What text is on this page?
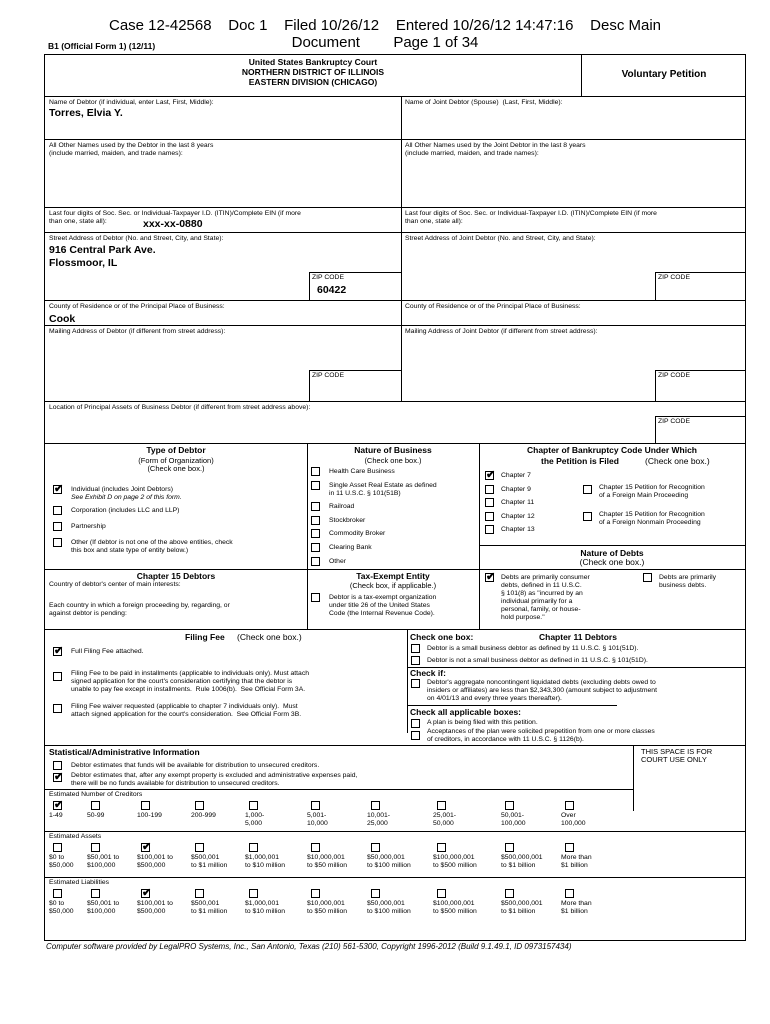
Case 12-42568    Doc 1    Filed 10/26/12    Entered 10/26/12 14:47:16    Desc Main
Document        Page 1 of 34
B1 (Official Form 1) (12/11)
United States Bankruptcy Court
NORTHERN DISTRICT OF ILLINOIS
EASTERN DIVISION (CHICAGO)
Voluntary Petition
Name of Debtor (if individual, enter Last, First, Middle):
Torres, Elvia Y.
Name of Joint Debtor (Spouse)  (Last, First, Middle):
All Other Names used by the Debtor in the last 8 years
(include married, maiden, and trade names):
All Other Names used by the Joint Debtor in the last 8 years
(include married, maiden, and trade names):
Last four digits of Soc. Sec. or Individual-Taxpayer I.D. (ITIN)/Complete EIN (if more
than one, state all):	xxx-xx-0880
Last four digits of Soc. Sec. or Individual-Taxpayer I.D. (ITIN)/Complete EIN (if more
than one, state all):
Street Address of Debtor (No. and Street, City, and State):
916 Central Park Ave.
Flossmoor, IL
Street Address of Joint Debtor (No. and Street, City, and State):
ZIP CODE
60422
ZIP CODE
County of Residence or of the Principal Place of Business:
Cook
County of Residence or of the Principal Place of Business:
Mailing Address of Debtor (if different from street address):	Mailing Address of Joint Debtor (if different from street address):
ZIP CODE	ZIP CODE
Location of Principal Assets of Business Debtor (if different from street address above):
ZIP CODE
Type of Debtor
(Form of Organization)
(Check one box.)
✔
Individual (includes Joint Debtors)
See Exhibit D on page 2 of this form.
Corporation (includes LLC and LLP)
Partnership
Other (If debtor is not one of the above entities, check
this box and state type of entity below.)
Nature of Business
(Check one box.)
Health Care Business
Single Asset Real Estate as defined
in 11 U.S.C. § 101(51B)
Railroad
Stockbroker
Commodity Broker
Clearing Bank
Other
Chapter of Bankruptcy Code Under Which
the Petition is Filed	(Check one box.)
✔
Chapter 7
Chapter 9
Chapter 11
Chapter 12
Chapter 13
Chapter 15 Petition for Recognition
of a Foreign Main Proceeding
Chapter 15 Petition for Recognition
of a Foreign Nonmain Proceeding
Nature of Debts
(Check one box.)
✔
Debts are primarily consumer
debts, defined in 11 U.S.C.
§ 101(8) as "incurred by an
individual primarily for a
personal, family, or house-
hold purpose."
Debts are primarily
business debts.
Chapter 15 Debtors
Country of debtor's center of main interests:
Each country in which a foreign proceeding by, regarding, or
against debtor is pending:
Tax-Exempt Entity
(Check box, if applicable.)
Debtor is a tax-exempt organization
under title 26 of the United States
Code (the Internal Revenue Code).
Filing Fee (Check one box.)
✔
Full Filing Fee attached.
Filing Fee to be paid in installments (applicable to individuals only). Must attach
signed application for the court's consideration certifying that the debtor is
unable to pay fee except in installments.  Rule 1006(b).  See Official Form 3A.
Filing Fee waiver requested (applicable to chapter 7 individuals only).  Must
attach signed application for the court's consideration.  See Official Form 3B.
Check one box:	Chapter 11 Debtors
Debtor is a small business debtor as defined by 11 U.S.C. § 101(51D).
Debtor is not a small business debtor as defined in 11 U.S.C. § 101(51D).
Check if:
Debtor's aggregate noncontingent liquidated debts (excluding debts owed to
insiders or affiliates) are less than $2,343,300 (amount subject to adjustment
on 4/01/13 and every three years thereafter).
Check all applicable boxes:
A plan is being filed with this petition.
Acceptances of the plan were solicited prepetition from one or more classes
of creditors, in accordance with 11 U.S.C. § 1126(b).
Statistical/Administrative Information	THIS SPACE IS FOR
COURT USE ONLY
Debtor estimates that funds will be available for distribution to unsecured creditors.
✔
Debtor estimates that, after any exempt property is excluded and administrative expenses paid,
there will be no funds available for distribution to unsecured creditors.
Estimated Number of Creditors
Estimated Assets
Estimated Liabilities
✔
1-49	50-99	100-199	200-999	1,000-
5,000
5,001-
10,000
10,001-
25,000
25,001-
50,000
50,001-
100,000
Over
100,000
$0 to
$50,000
$50,001 to
$100,000
✔
$100,001 to
$500,000
$500,001
to $1 million
$1,000,001
to $10 million
$10,000,001
to $50 million
$50,000,001
to $100 million
$100,000,001
to $500 million
$500,000,001
to $1 billion
More than
$1 billion
$0 to
$50,000
$50,001 to
$100,000
✔
$100,001 to
$500,000
$500,001
to $1 million
$1,000,001
to $10 million
$10,000,001
to $50 million
$50,000,001
to $100 million
$100,000,001
to $500 million
$500,000,001
to $1 billion
More than
$1 billion
Computer software provided by LegalPRO Systems, Inc., San Antonio, Texas (210) 561-5300, Copyright 1996-2012 (Build 9.1.49.1, ID 0973157434)
